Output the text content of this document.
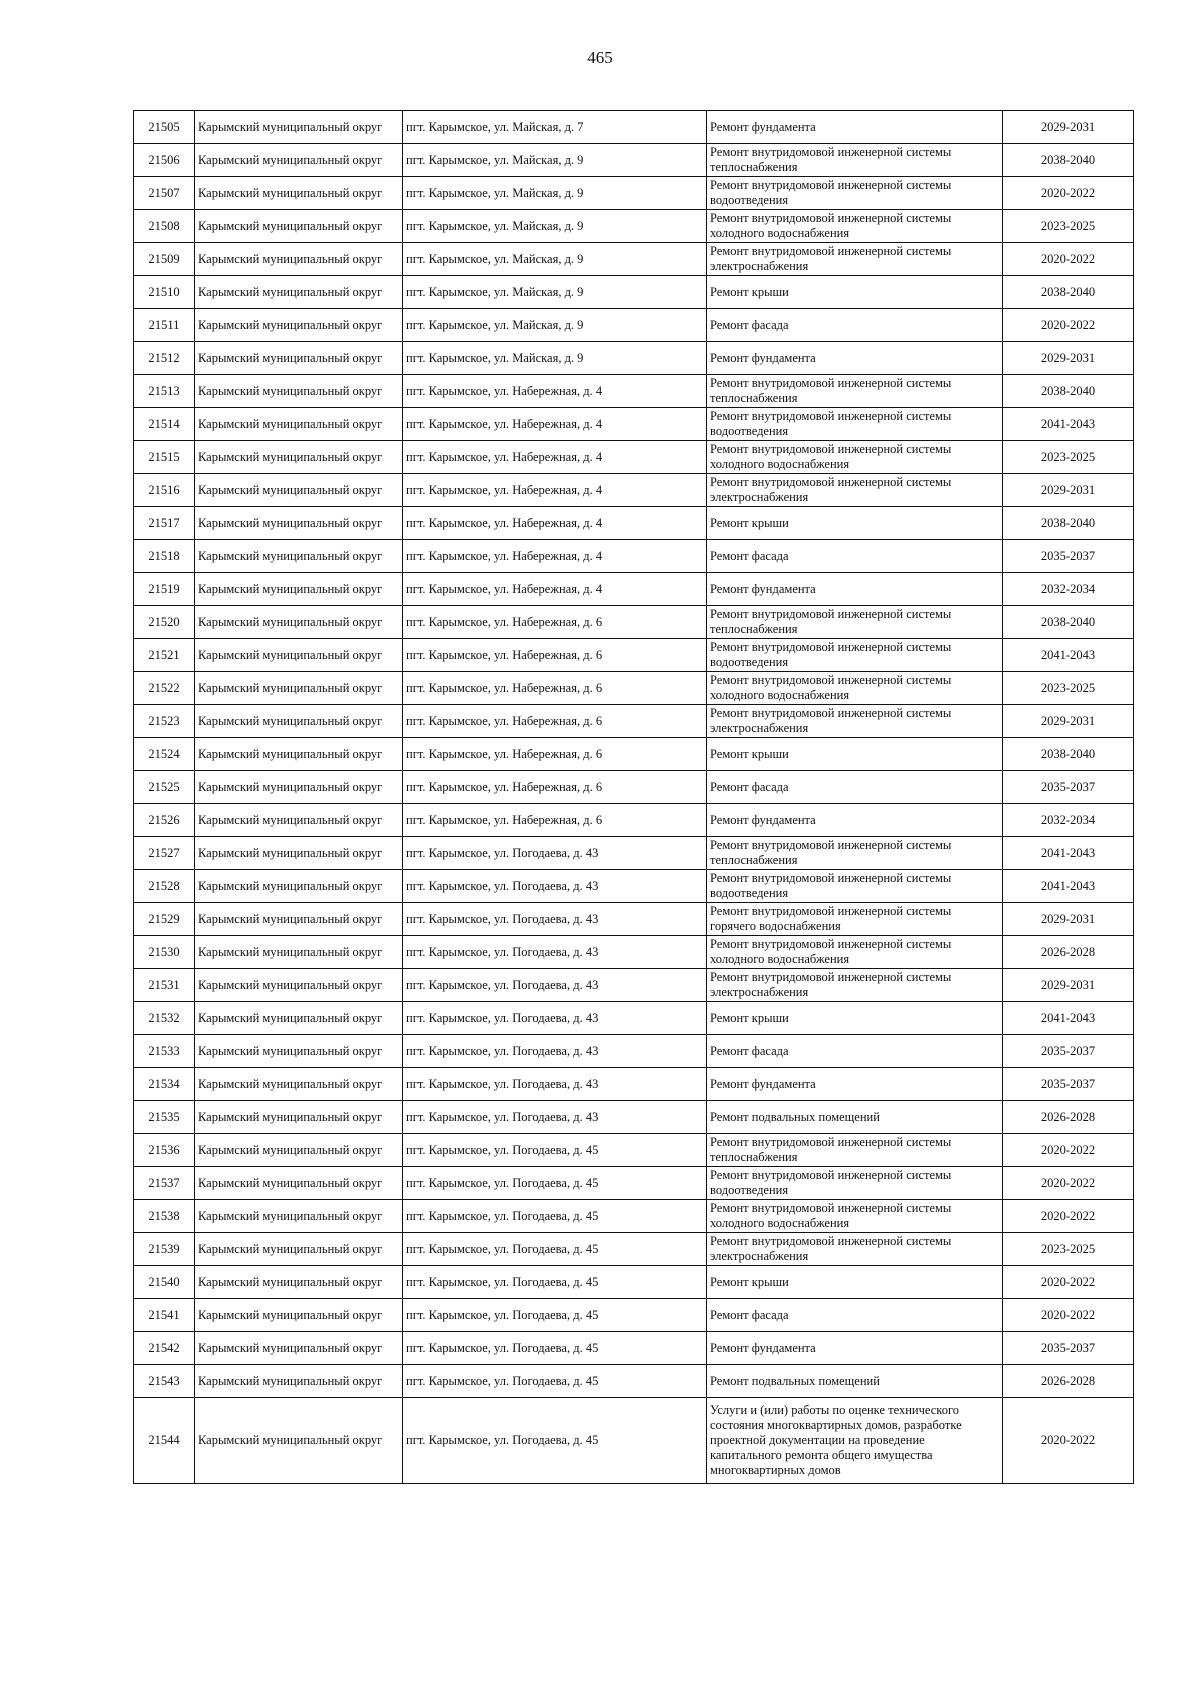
465
21505	Карымский муниципальный округ	пгт. Карымское, ул. Майская, д. 7	Ремонт фундамента	2029-2031
21506	Карымский муниципальный округ	пгт. Карымское, ул. Майская, д. 9	Ремонт внутридомовой инженерной системы теплоснабжения	2038-2040
21507	Карымский муниципальный округ	пгт. Карымское, ул. Майская, д. 9	Ремонт внутридомовой инженерной системы водоотведения	2020-2022
21508	Карымский муниципальный округ	пгт. Карымское, ул. Майская, д. 9	Ремонт внутридомовой инженерной системы холодного водоснабжения	2023-2025
21509	Карымский муниципальный округ	пгт. Карымское, ул. Майская, д. 9	Ремонт внутридомовой инженерной системы электроснабжения	2020-2022
21510	Карымский муниципальный округ	пгт. Карымское, ул. Майская, д. 9	Ремонт крыши	2038-2040
21511	Карымский муниципальный округ	пгт. Карымское, ул. Майская, д. 9	Ремонт фасада	2020-2022
21512	Карымский муниципальный округ	пгт. Карымское, ул. Майская, д. 9	Ремонт фундамента	2029-2031
21513	Карымский муниципальный округ	пгт. Карымское, ул. Набережная, д. 4	Ремонт внутридомовой инженерной системы теплоснабжения	2038-2040
21514	Карымский муниципальный округ	пгт. Карымское, ул. Набережная, д. 4	Ремонт внутридомовой инженерной системы водоотведения	2041-2043
21515	Карымский муниципальный округ	пгт. Карымское, ул. Набережная, д. 4	Ремонт внутридомовой инженерной системы холодного водоснабжения	2023-2025
21516	Карымский муниципальный округ	пгт. Карымское, ул. Набережная, д. 4	Ремонт внутридомовой инженерной системы электроснабжения	2029-2031
21517	Карымский муниципальный округ	пгт. Карымское, ул. Набережная, д. 4	Ремонт крыши	2038-2040
21518	Карымский муниципальный округ	пгт. Карымское, ул. Набережная, д. 4	Ремонт фасада	2035-2037
21519	Карымский муниципальный округ	пгт. Карымское, ул. Набережная, д. 4	Ремонт фундамента	2032-2034
21520	Карымский муниципальный округ	пгт. Карымское, ул. Набережная, д. 6	Ремонт внутридомовой инженерной системы теплоснабжения	2038-2040
21521	Карымский муниципальный округ	пгт. Карымское, ул. Набережная, д. 6	Ремонт внутридомовой инженерной системы водоотведения	2041-2043
21522	Карымский муниципальный округ	пгт. Карымское, ул. Набережная, д. 6	Ремонт внутридомовой инженерной системы холодного водоснабжения	2023-2025
21523	Карымский муниципальный округ	пгт. Карымское, ул. Набережная, д. 6	Ремонт внутридомовой инженерной системы электроснабжения	2029-2031
21524	Карымский муниципальный округ	пгт. Карымское, ул. Набережная, д. 6	Ремонт крыши	2038-2040
21525	Карымский муниципальный округ	пгт. Карымское, ул. Набережная, д. 6	Ремонт фасада	2035-2037
21526	Карымский муниципальный округ	пгт. Карымское, ул. Набережная, д. 6	Ремонт фундамента	2032-2034
21527	Карымский муниципальный округ	пгт. Карымское, ул. Погодаева, д. 43	Ремонт внутридомовой инженерной системы теплоснабжения	2041-2043
21528	Карымский муниципальный округ	пгт. Карымское, ул. Погодаева, д. 43	Ремонт внутридомовой инженерной системы водоотведения	2041-2043
21529	Карымский муниципальный округ	пгт. Карымское, ул. Погодаева, д. 43	Ремонт внутридомовой инженерной системы горячего водоснабжения	2029-2031
21530	Карымский муниципальный округ	пгт. Карымское, ул. Погодаева, д. 43	Ремонт внутридомовой инженерной системы холодного водоснабжения	2026-2028
21531	Карымский муниципальный округ	пгт. Карымское, ул. Погодаева, д. 43	Ремонт внутридомовой инженерной системы электроснабжения	2029-2031
21532	Карымский муниципальный округ	пгт. Карымское, ул. Погодаева, д. 43	Ремонт крыши	2041-2043
21533	Карымский муниципальный округ	пгт. Карымское, ул. Погодаева, д. 43	Ремонт фасада	2035-2037
21534	Карымский муниципальный округ	пгт. Карымское, ул. Погодаева, д. 43	Ремонт фундамента	2035-2037
21535	Карымский муниципальный округ	пгт. Карымское, ул. Погодаева, д. 43	Ремонт подвальных помещений	2026-2028
21536	Карымский муниципальный округ	пгт. Карымское, ул. Погодаева, д. 45	Ремонт внутридомовой инженерной системы теплоснабжения	2020-2022
21537	Карымский муниципальный округ	пгт. Карымское, ул. Погодаева, д. 45	Ремонт внутридомовой инженерной системы водоотведения	2020-2022
21538	Карымский муниципальный округ	пгт. Карымское, ул. Погодаева, д. 45	Ремонт внутридомовой инженерной системы холодного водоснабжения	2020-2022
21539	Карымский муниципальный округ	пгт. Карымское, ул. Погодаева, д. 45	Ремонт внутридомовой инженерной системы электроснабжения	2023-2025
21540	Карымский муниципальный округ	пгт. Карымское, ул. Погодаева, д. 45	Ремонт крыши	2020-2022
21541	Карымский муниципальный округ	пгт. Карымское, ул. Погодаева, д. 45	Ремонт фасада	2020-2022
21542	Карымский муниципальный округ	пгт. Карымское, ул. Погодаева, д. 45	Ремонт фундамента	2035-2037
21543	Карымский муниципальный округ	пгт. Карымское, ул. Погодаева, д. 45	Ремонт подвальных помещений	2026-2028
21544	Карымский муниципальный округ	пгт. Карымское, ул. Погодаева, д. 45	Услуги и (или) работы по оценке технического состояния многоквартирных домов, разработке проектной документации на проведение капитального ремонта общего имущества многоквартирных домов	2020-2022
